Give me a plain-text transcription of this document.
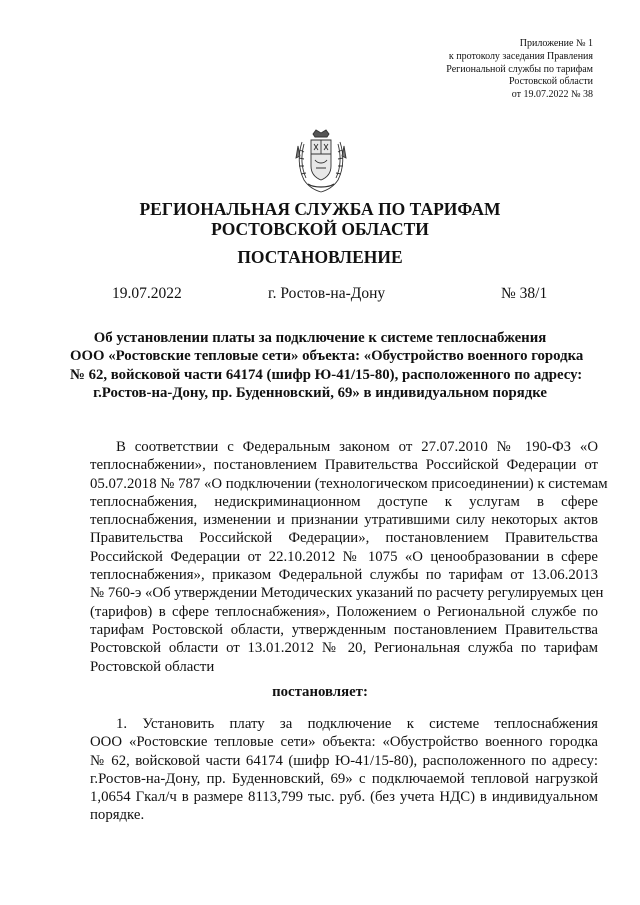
Приложение № 1
к протоколу заседания Правления
Региональной службы по тарифам
Ростовской области
от 19.07.2022 № 38
РЕГИОНАЛЬНАЯ СЛУЖБА ПО ТАРИФАМ
РОСТОВСКОЙ ОБЛАСТИ
ПОСТАНОВЛЕНИЕ
19.07.2022	г. Ростов-на-Дону	№ 38/1
Об установлении платы за подключение к системе теплоснабжения
ООО «Ростовские тепловые сети» объекта: «Обустройство военного городка
№ 62, войсковой части 64174 (шифр Ю-41/15-80), расположенного по адресу:
г.Ростов-на-Дону, пр. Буденновский, 69» в индивидуальном порядке
В соответствии с Федеральным законом от 27.07.2010 № 190-ФЗ «О
теплоснабжении», постановлением Правительства Российской Федерации от
05.07.2018 № 787 «О подключении (технологическом присоединении) к системам
теплоснабжения, недискриминационном доступе к услугам в сфере
теплоснабжения, изменении и признании утратившими силу некоторых актов
Правительства Российской Федерации», постановлением Правительства
Российской Федерации от 22.10.2012 № 1075 «О ценообразовании в сфере
теплоснабжения», приказом Федеральной службы по тарифам от 13.06.2013
№ 760-э «Об утверждении Методических указаний по расчету регулируемых цен
(тарифов) в сфере теплоснабжения», Положением о Региональной службе по
тарифам Ростовской области, утвержденным постановлением Правительства
Ростовской области от 13.01.2012 № 20, Региональная служба по тарифам
Ростовской области
постановляет:
1. Установить плату за подключение к системе теплоснабжения
ООО «Ростовские тепловые сети» объекта: «Обустройство военного городка
№ 62, войсковой части 64174 (шифр Ю-41/15-80), расположенного по адресу:
г.Ростов-на-Дону, пр. Буденновский, 69» с подключаемой тепловой нагрузкой
1,0654 Гкал/ч в размере 8113,799 тыс. руб. (без учета НДС) в индивидуальном
порядке.
